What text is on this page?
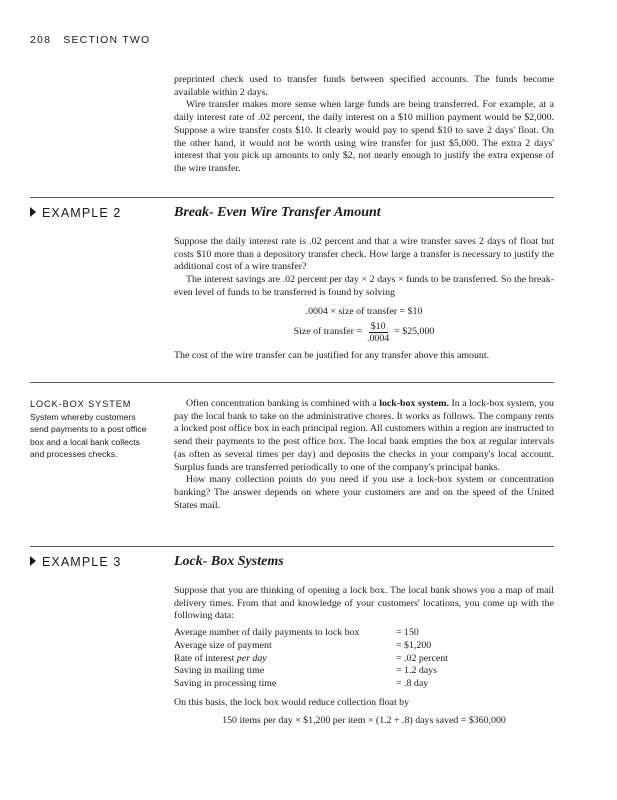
208 SECTION TWO

preprinted check used to transfer funds between specified accounts. The funds become available within 2 days.

Wire transfer makes more sense when large funds are being transferred. For example, at a daily interest rate of .02 percent, the daily interest on a $10 million payment would be $2,000. Suppose a wire transfer costs $10. It clearly would pay to spend $10 to save 2 days' float. On the other hand, it would not be worth using wire transfer for just $5,000. The extra 2 days' interest that you pick up amounts to only $2, not nearly enough to justify the extra expense of the wire transfer.

EXAMPLE 2	Break- Even Wire Transfer Amount

Suppose the daily interest rate is .02 percent and that a wire transfer saves 2 days of float but costs $10 more than a depository transfer check. How large a transfer is necessary to justify the additional cost of a wire transfer?

The interest savings are .02 percent per day × 2 days × funds to be transferred. So the break-even level of funds to be transferred is found by solving

.0004 × size of transfer = $10

Size of transfer = $\frac{\$10}{.0004}$ = $25,000

The cost of the wire transfer can be justified for any transfer above this amount.

LOCK-BOX SYSTEM
System whereby customers send payments to a post office box and a local bank collects and processes checks.

Often concentration banking is combined with a lock-box system. In a lock-box system, you pay the local bank to take on the administrative chores. It works as follows. The company rents a locked post office box in each principal region. All customers within a region are instructed to send their payments to the post office box. The local bank empties the box at regular intervals (as often as several times per day) and deposits the checks in your company's local account. Surplus funds are transferred periodically to one of the company's principal banks.

How many collection points do you need if you use a lock-box system or concentration banking? The answer depends on where your customers are and on the speed of the United States mail.

EXAMPLE 3	Lock- Box Systems

Suppose that you are thinking of opening a lock box. The local bank shows you a map of mail delivery times. From that and knowledge of your customers' locations, you come up with the following data:

Average number of daily payments to lock box	= 150
Average size of payment	= $1,200
Rate of interest per day	= .02 percent
Saving in mailing time	= 1.2 days
Saving in processing time	= .8 day

On this basis, the lock box would reduce collection float by

150 items per day × $1,200 per item × (1.2 + .8) days saved = $360,000
